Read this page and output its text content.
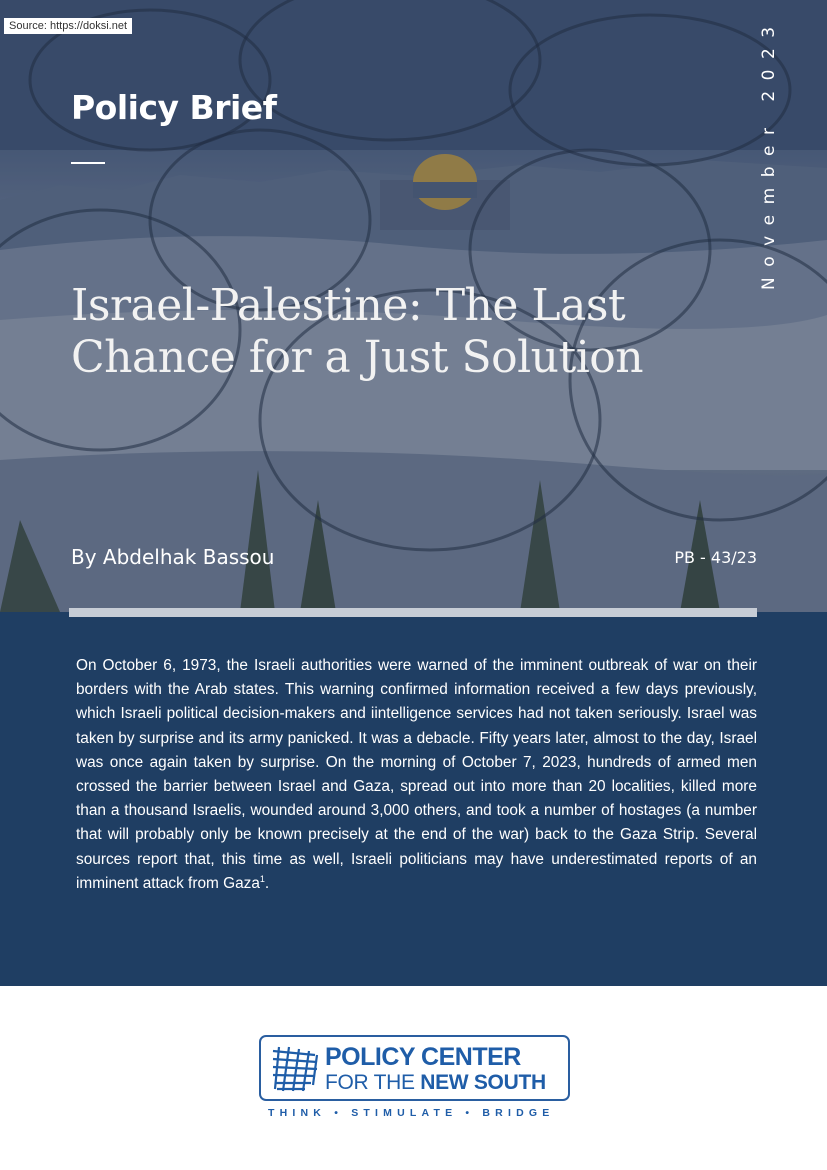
Source: https://doksi.net
Policy Brief	November 2023
Israel-Palestine: The Last
Chance for a Just Solution
By Abdelhak Bassou	PB - 43/23

On October 6, 1973, the Israeli authorities were warned of the imminent outbreak of war on their borders with the Arab states. This warning confirmed information received a few days previously, which Israeli political decision-makers and iintelligence services had not taken seriously. Israel was taken by surprise and its army panicked. It was a debacle. Fifty years later, almost to the day, Israel was once again taken by surprise. On the morning of October 7, 2023, hundreds of armed men crossed the barrier between Israel and Gaza, spread out into more than 20 localities, killed more than a thousand Israelis, wounded around 3,000 others, and took a number of hostages (a number that will probably only be known precisely at the end of the war) back to the Gaza Strip. Several sources report that, this time as well, Israeli politicians may have underestimated reports of an imminent attack from Gaza$^1$.

POLICY CENTER
FOR THE NEW SOUTH
THINK • STIMULATE • BRIDGE
